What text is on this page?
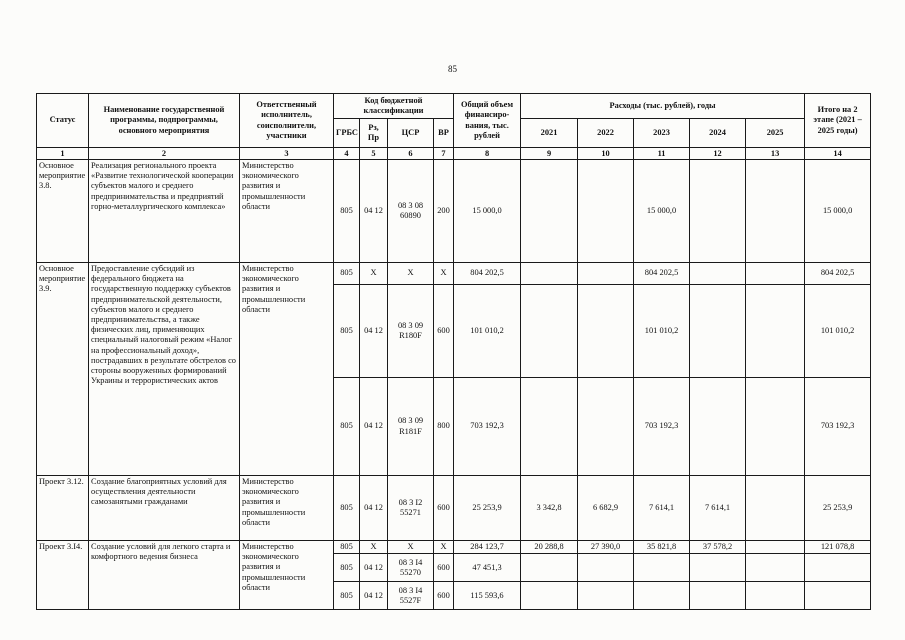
85
Статус	Наименование государственной программы, подпрограммы, основного мероприятия	Ответственный исполнитель, соисполнители, участники	Код бюджетной классификации				Общий объем финансиро-вания, тыс. рублей	Расходы (тыс. рублей), годы					Итого на 2 этапе (2021 – 2025 годы)
			ГРБС	Рз, Пр	ЦСР	ВР		2021	2022	2023	2024	2025	
1	2	3	4	5	6	7	8	9	10	11	12	13	14
Основное мероприятие 3.8.	Реализация регионального проекта «Развитие технологической кооперации субъектов малого и среднего предпринимательства и предприятий горно-металлургического комплекса»	Министерство экономического развития и промышленности области	805	04 12	08 3 08 60890	200	15 000,0			15 000,0			15 000,0
Основное мероприятие 3.9.	Предоставление субсидий из федерального бюджета на государственную поддержку субъектов предпринимательской деятельности, субъектов малого и среднего предпринимательства, а также физических лиц, применяющих специальный налоговый режим «Налог на профессиональный доход», пострадавших в результате обстрелов со стороны вооруженных формирований Украины и террористических актов	Министерство экономического развития и промышленности области	805	X	X	X	804 202,5			804 202,5			804 202,5
			805	04 12	08 3 09 R180F	600	101 010,2			101 010,2			101 010,2
			805	04 12	08 3 09 R181F	800	703 192,3			703 192,3			703 192,3
Проект 3.12.	Создание благоприятных условий для осуществления деятельности самозанятыми гражданами	Министерство экономического развития и промышленности области	805	04 12	08 3 I2 55271	600	25 253,9	3 342,8	6 682,9	7 614,1	7 614,1		25 253,9
Проект 3.I4.	Создание условий для легкого старта и комфортного ведения бизнеса	Министерство экономического развития и промышленности области	805	X	X	X	284 123,7	20 288,8	27 390,0	35 821,8	37 578,2		121 078,8
			805	04 12	08 3 I4 55270	600	47 451,3						
			805	04 12	08 3 I4 5527F	600	115 593,6						
